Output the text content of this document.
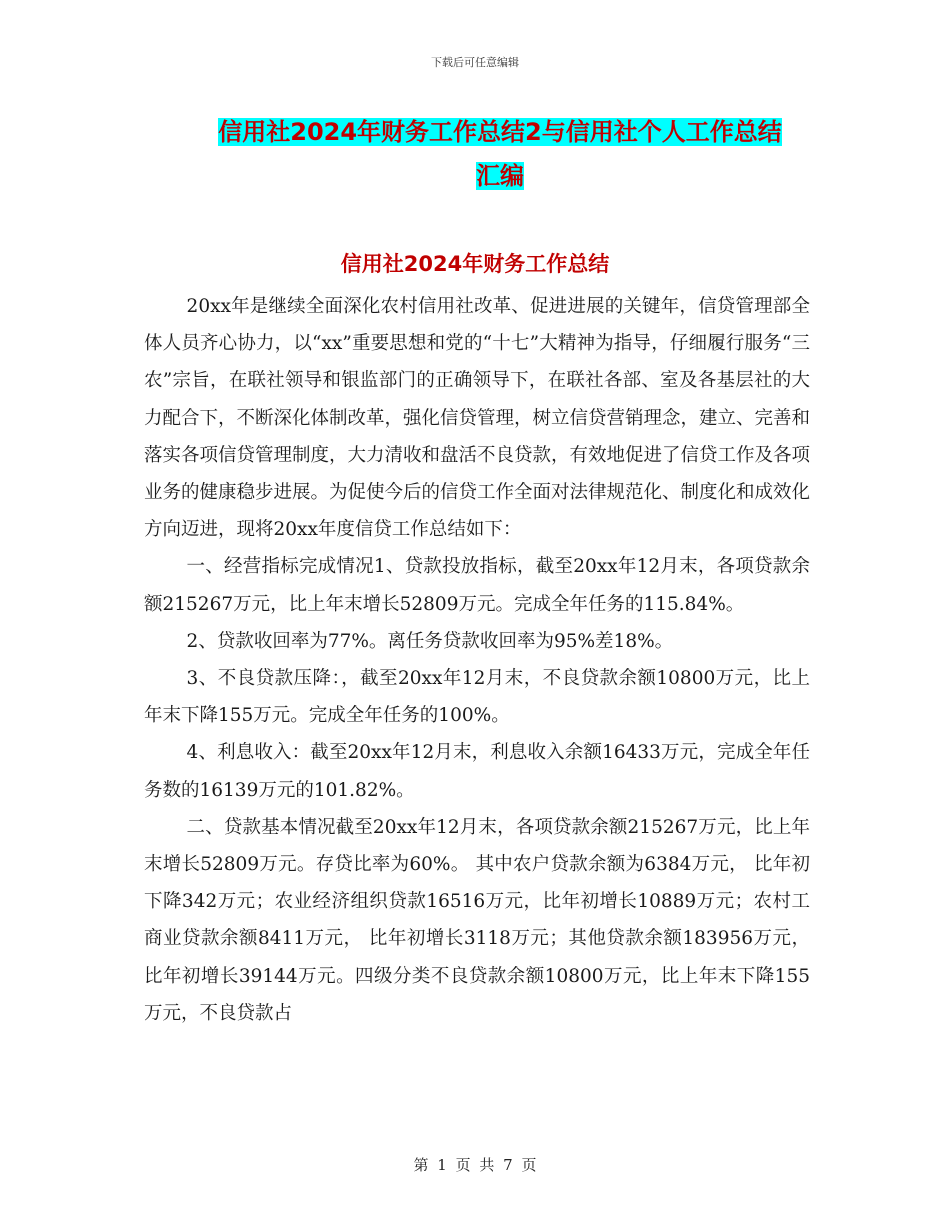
下载后可任意编辑
信用社2024年财务工作总结2与信用社个人工作总结
汇编
信用社2024年财务工作总结

20xx年是继续全面深化农村信用社改革、促进进展的关键年，信贷管理部全体人员齐心协力，以“xx”重要思想和党的“十七”大精神为指导，仔细履行服务“三农”宗旨，在联社领导和银监部门的正确领导下，在联社各部、室及各基层社的大力配合下，不断深化体制改革，强化信贷管理，树立信贷营销理念，建立、完善和落实各项信贷管理制度，大力清收和盘活不良贷款，有效地促进了信贷工作及各项业务的健康稳步进展。为促使今后的信贷工作全面对法律规范化、制度化和成效化方向迈进，现将20xx年度信贷工作总结如下：

一、经营指标完成情况1、贷款投放指标，截至20xx年12月末，各项贷款余额215267万元，比上年末增长52809万元。完成全年任务的115.84%。

2、贷款收回率为77%。离任务贷款收回率为95%差18%。

3、不良贷款压降：，截至20xx年12月末，不良贷款余额10800万元，比上年末下降155万元。完成全年任务的100%。

4、利息收入：截至20xx年12月末，利息收入余额16433万元，完成全年任务数的16139万元的101.82%。

二、贷款基本情况截至20xx年12月末，各项贷款余额215267万元，比上年末增长52809万元。存贷比率为60%。 其中农户贷款余额为6384万元， 比年初下降342万元；农业经济组织贷款16516万元，比年初增长10889万元；农村工商业贷款余额8411万元， 比年初增长3118万元；其他贷款余额183956万元， 比年初增长39144万元。四级分类不良贷款余额10800万元，比上年末下降155万元，不良贷款占

第 1 页 共 7 页
